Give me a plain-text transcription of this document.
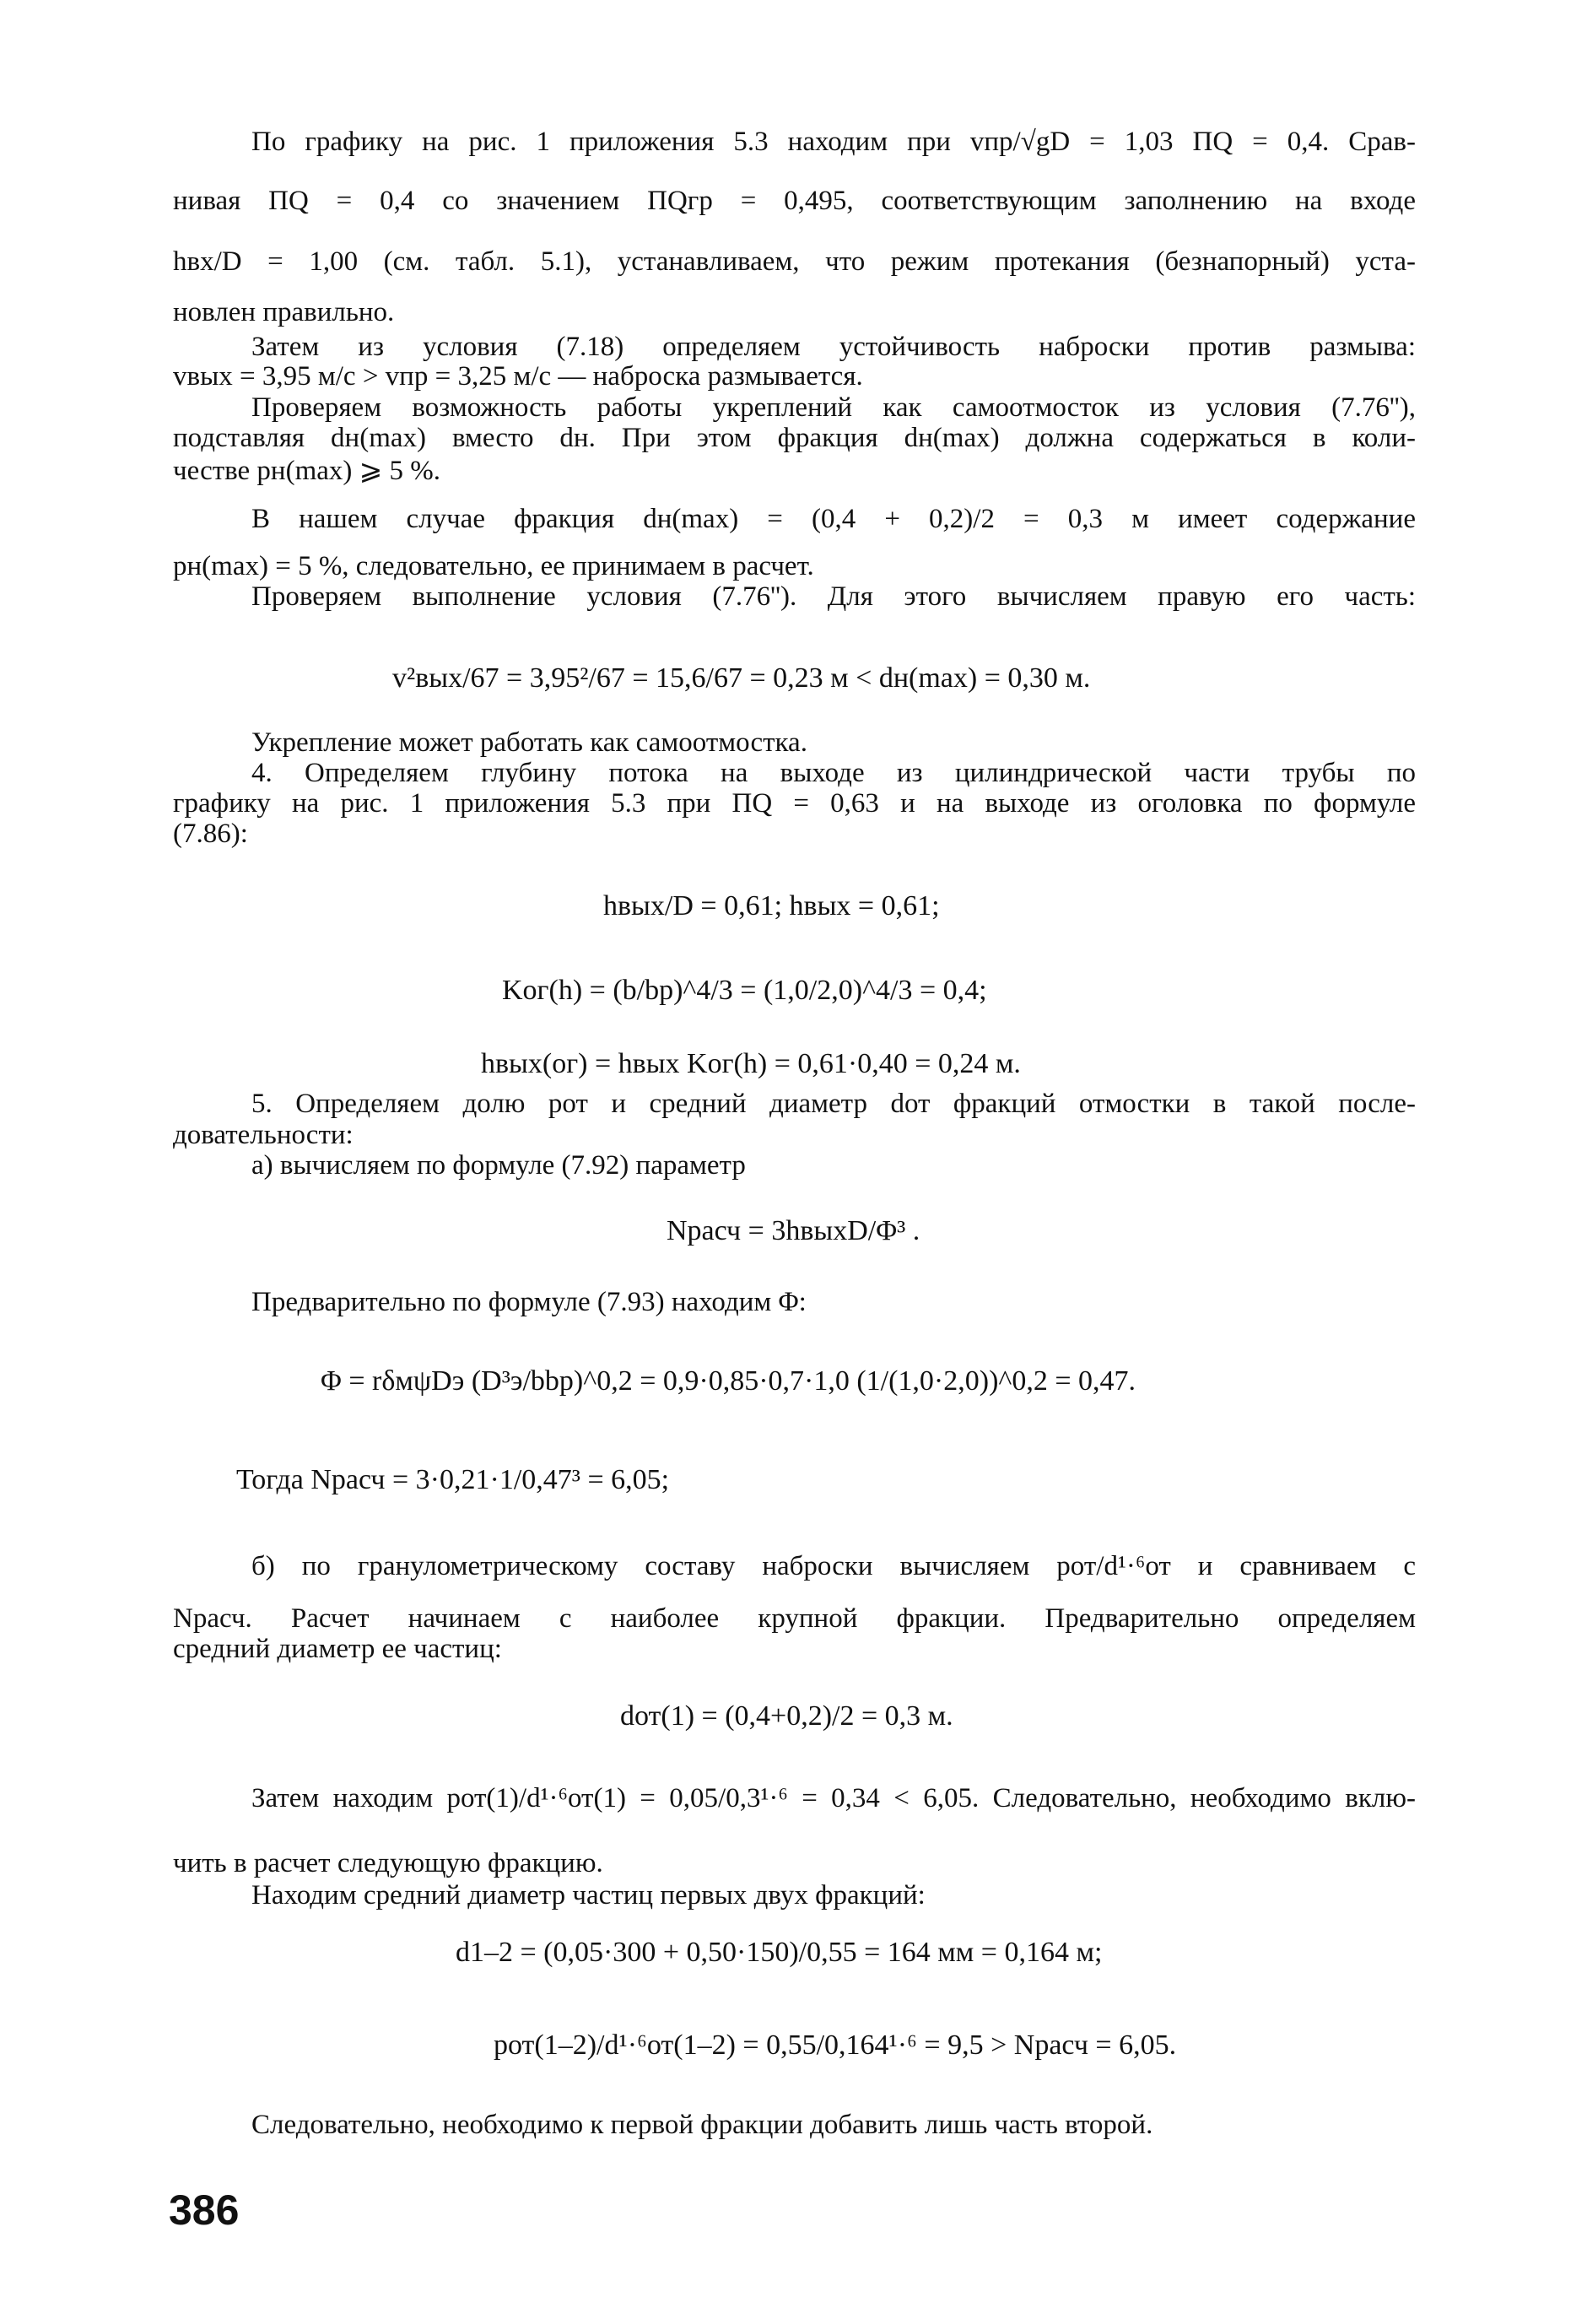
По графику на рис. 1 приложения 5.3 находим при vпр/√gD = 1,03 ПQ = 0,4. Срав-
нивая ПQ = 0,4 со значением ПQгр = 0,495, соответствующим заполнению на входе
hвх/D = 1,00 (см. табл. 5.1), устанавливаем, что режим протекания (безнапорный) уста-
новлен правильно.
Затем из условия (7.18) определяем устойчивость наброски против размыва:
vвых = 3,95 м/с > vпр = 3,25 м/с — наброска размывается.
Проверяем возможность работы укреплений как самоотмосток из условия (7.76''),
подставляя dн(max) вместо dн. При этом фракция dн(max) должна содержаться в коли-
честве pн(max) ⩾ 5 %.
В нашем случае фракция dн(max) = (0,4 + 0,2)/2 = 0,3 м имеет содержание
pн(max) = 5 %, следовательно, ее принимаем в расчет.
Проверяем выполнение условия (7.76''). Для этого вычисляем правую его часть:
v²вых/67 = 3,95²/67 = 15,6/67 = 0,23 м < dн(max) = 0,30 м.
Укрепление может работать как самоотмостка.
4. Определяем глубину потока на выходе из цилиндрической части трубы по
графику на рис. 1 приложения 5.3 при ПQ = 0,63 и на выходе из оголовка по формуле
(7.86):
hвых/D = 0,61; hвых = 0,61;
Kог(h) = (b/bp)^4/3 = (1,0/2,0)^4/3 = 0,4;
hвых(ог) = hвых Kог(h) = 0,61·0,40 = 0,24 м.
5. Определяем долю pот и средний диаметр dот фракций отмостки в такой после-
довательности:
а) вычисляем по формуле (7.92) параметр
Nрасч = 3hвыхD/Φ³ .
Предварительно по формуле (7.93) находим Φ:
Φ = rδмψDэ (D³э/bbp)^0,2 = 0,9·0,85·0,7·1,0 (1/(1,0·2,0))^0,2 = 0,47.
Тогда Nрасч = 3·0,21·1/0,47³ = 6,05;
б) по гранулометрическому составу наброски вычисляем pот/d¹·⁶от и сравниваем с
Nрасч. Расчет начинаем с наиболее крупной фракции. Предварительно определяем
средний диаметр ее частиц:
dот(1) = (0,4+0,2)/2 = 0,3 м.
Затем находим pот(1)/d¹·⁶от(1) = 0,05/0,3¹·⁶ = 0,34 < 6,05. Следовательно, необходимо вклю-
чить в расчет следующую фракцию.
Находим средний диаметр частиц первых двух фракций:
d1–2 = (0,05·300 + 0,50·150)/0,55 = 164 мм = 0,164 м;
pот(1–2)/d¹·⁶от(1–2) = 0,55/0,164¹·⁶ = 9,5 > Nрасч = 6,05.
Следовательно, необходимо к первой фракции добавить лишь часть второй.
386
